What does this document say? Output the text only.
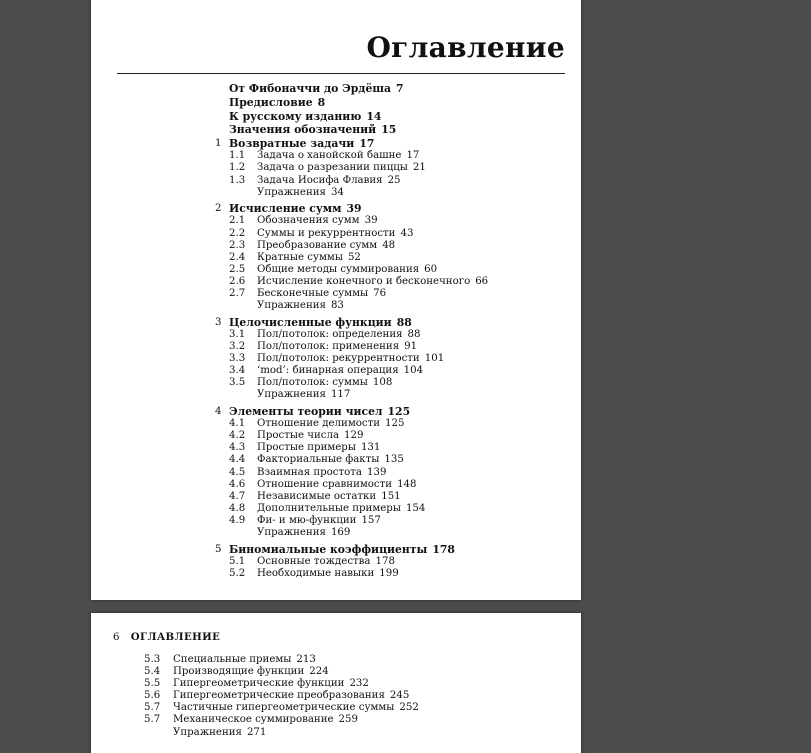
Оглавление
От Фибоначчи до Эрдёша 7
Предисловие 8
К русскому изданию 14
Значения обозначений 15
1 Возвратные задачи 17
1.1 Задача о ханойской башне 17
1.2 Задача о разрезании пиццы 21
1.3 Задача Иосифа Флавия 25
Упражнения 34
2 Исчисление сумм 39
2.1 Обозначения сумм 39
2.2 Суммы и рекуррентности 43
2.3 Преобразование сумм 48
2.4 Кратные суммы 52
2.5 Общие методы суммирования 60
2.6 Исчисление конечного и бесконечного 66
2.7 Бесконечные суммы 76
Упражнения 83
3 Целочисленные функции 88
3.1 Пол/потолок: определения 88
3.2 Пол/потолок: применения 91
3.3 Пол/потолок: рекуррентности 101
3.4 ‘mod’: бинарная операция 104
3.5 Пол/потолок: суммы 108
Упражнения 117
4 Элементы теории чисел 125
4.1 Отношение делимости 125
4.2 Простые числа 129
4.3 Простые примеры 131
4.4 Факториальные факты 135
4.5 Взаимная простота 139
4.6 Отношение сравнимости 148
4.7 Независимые остатки 151
4.8 Дополнительные примеры 154
4.9 Фи- и мю-функции 157
Упражнения 169
5 Биномиальные коэффициенты 178
5.1 Основные тождества 178
5.2 Необходимые навыки 199
6 ОГЛАВЛЕНИЕ
5.3 Специальные приемы 213
5.4 Производящие функции 224
5.5 Гипергеометрические функции 232
5.6 Гипергеометрические преобразования 245
5.7 Частичные гипергеометрические суммы 252
5.7 Механическое суммирование 259
Упражнения 271
